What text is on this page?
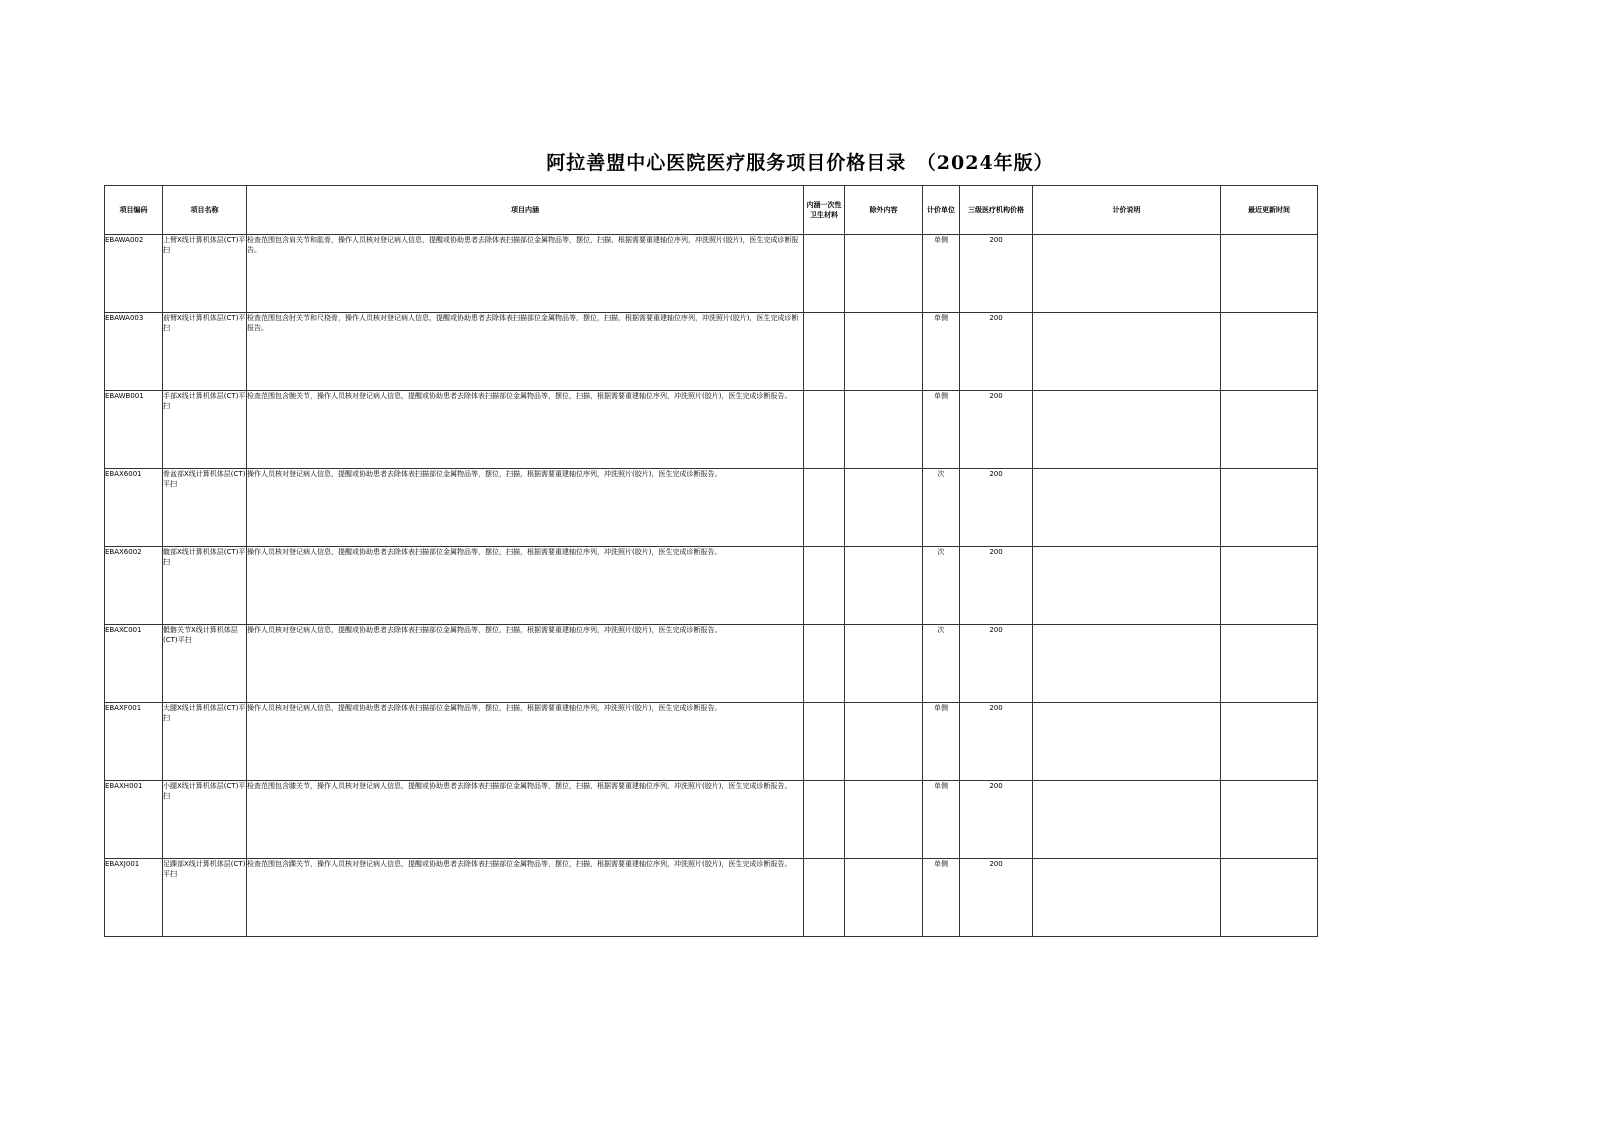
阿拉善盟中心医院医疗服务项目价格目录　（2024年版）
项目编码	项目名称	项目内涵	内涵一次性卫生材料	除外内容	计价单位	三级医疗机构价格	计价说明	最近更新时间
EBAWA002	上臂X线计算机体层(CT)平扫	检查范围包含肩关节和肱骨，操作人员核对登记病人信息，提醒或协助患者去除体表扫描部位金属物品等，摆位，扫描，根据需要重建轴位序列，冲洗照片(胶片)，医生完成诊断报告。			单侧	200		
EBAWA003	前臂X线计算机体层(CT)平扫	检查范围包含肘关节和尺桡骨，操作人员核对登记病人信息，提醒或协助患者去除体表扫描部位金属物品等，摆位，扫描，根据需要重建轴位序列，冲洗照片(胶片)，医生完成诊断报告。			单侧	200		
EBAWB001	手部X线计算机体层(CT)平扫	检查范围包含腕关节，操作人员核对登记病人信息，提醒或协助患者去除体表扫描部位金属物品等，摆位，扫描，根据需要重建轴位序列，冲洗照片(胶片)，医生完成诊断报告。			单侧	200		
EBAX6001	骨盆部X线计算机体层(CT)平扫	操作人员核对登记病人信息，提醒或协助患者去除体表扫描部位金属物品等，摆位，扫描，根据需要重建轴位序列，冲洗照片(胶片)，医生完成诊断报告。			次	200		
EBAX6002	髋部X线计算机体层(CT)平扫	操作人员核对登记病人信息，提醒或协助患者去除体表扫描部位金属物品等，摆位，扫描，根据需要重建轴位序列，冲洗照片(胶片)，医生完成诊断报告。			次	200		
EBAXC001	骶髂关节X线计算机体层(CT)平扫	操作人员核对登记病人信息，提醒或协助患者去除体表扫描部位金属物品等，摆位，扫描，根据需要重建轴位序列，冲洗照片(胶片)，医生完成诊断报告。			次	200		
EBAXF001	大腿X线计算机体层(CT)平扫	操作人员核对登记病人信息，提醒或协助患者去除体表扫描部位金属物品等，摆位，扫描，根据需要重建轴位序列，冲洗照片(胶片)，医生完成诊断报告。			单侧	200		
EBAXH001	小腿X线计算机体层(CT)平扫	检查范围包含膝关节，操作人员核对登记病人信息，提醒或协助患者去除体表扫描部位金属物品等，摆位，扫描，根据需要重建轴位序列，冲洗照片(胶片)，医生完成诊断报告。			单侧	200		
EBAXJ001	足踝部X线计算机体层(CT)平扫	检查范围包含踝关节，操作人员核对登记病人信息，提醒或协助患者去除体表扫描部位金属物品等，摆位，扫描，根据需要重建轴位序列，冲洗照片(胶片)，医生完成诊断报告。			单侧	200		
